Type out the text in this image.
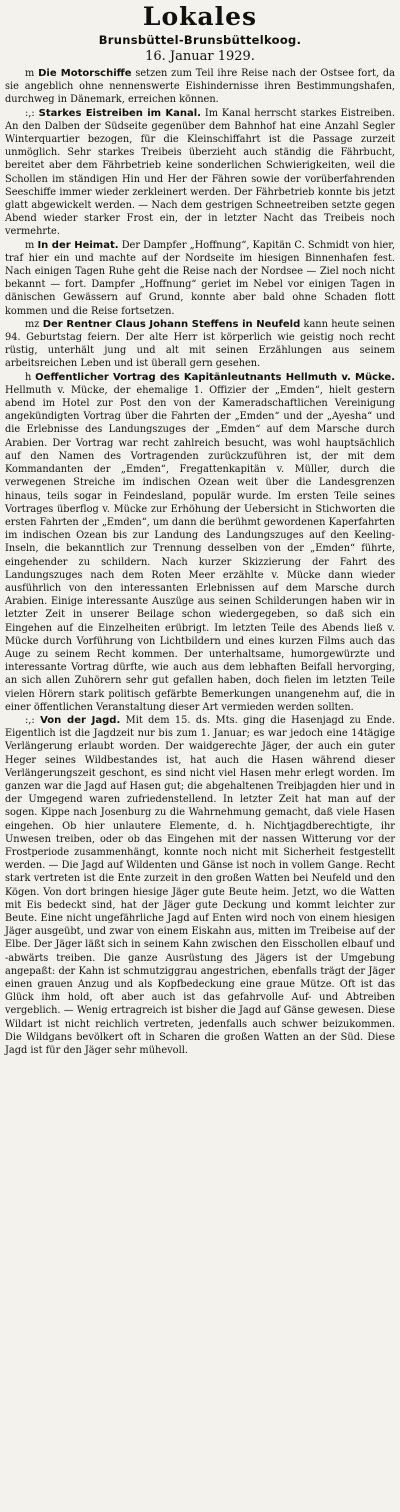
Lokales
Brunsbüttel-Brunsbüttelkoog.
16. Januar 1929.

m Die Motorschiffe setzen zum Teil ihre Reise nach der Ostsee fort, da sie angeblich ohne nennenswerte Eishindernisse ihren Bestimmungshafen, durchweg in Dänemark, erreichen können.

:,: Starkes Eistreiben im Kanal. Im Kanal herrscht starkes Eistreiben. An den Dalben der Südseite gegenüber dem Bahnhof hat eine Anzahl Segler Winterquartier bezogen, für die Kleinschiffahrt ist die Passage zurzeit unmöglich. Sehr starkes Treibeis überzieht auch ständig die Fährbucht, bereitet aber dem Fährbetrieb keine sonderlichen Schwierigkeiten, weil die Schollen im ständigen Hin und Her der Fähren sowie der vorüberfahrenden Seeschiffe immer wieder zerkleinert werden. Der Fährbetrieb konnte bis jetzt glatt abgewickelt werden. — Nach dem gestrigen Schneetreiben setzte gegen Abend wieder starker Frost ein, der in letzter Nacht das Treibeis noch vermehrte.

m In der Heimat. Der Dampfer „Hoffnung“, Kapitän C. Schmidt von hier, traf hier ein und machte auf der Nordseite im hiesigen Binnenhafen fest. Nach einigen Tagen Ruhe geht die Reise nach der Nordsee — Ziel noch nicht bekannt — fort. Dampfer „Hoffnung“ geriet im Nebel vor einigen Tagen in dänischen Gewässern auf Grund, konnte aber bald ohne Schaden flott kommen und die Reise fortsetzen.

mz Der Rentner Claus Johann Steffens in Neufeld kann heute seinen 94. Geburtstag feiern. Der alte Herr ist körperlich wie geistig noch recht rüstig, unterhält jung und alt mit seinen Erzählungen aus seinem arbeitsreichen Leben und ist überall gern gesehen.

h Oeffentlicher Vortrag des Kapitänleutnants Hellmuth v. Mücke. Hellmuth v. Mücke, der ehemalige 1. Offizier der „Emden“, hielt gestern abend im Hotel zur Post den von der Kameradschaftlichen Vereinigung angekündigten Vortrag über die Fahrten der „Emden“ und der „Ayesha“ und die Erlebnisse des Landungszuges der „Emden“ auf dem Marsche durch Arabien. Der Vortrag war recht zahlreich besucht, was wohl hauptsächlich auf den Namen des Vortragenden zurückzuführen ist, der mit dem Kommandanten der „Emden“, Fregattenkapitän v. Müller, durch die verwegenen Streiche im indischen Ozean weit über die Landesgrenzen hinaus, teils sogar in Feindesland, populär wurde. Im ersten Teile seines Vortrages überflog v. Mücke zur Erhöhung der Uebersicht in Stichworten die ersten Fahrten der „Emden“, um dann die berühmt gewordenen Kaperfahrten im indischen Ozean bis zur Landung des Landungszuges auf den Keeling-Inseln, die bekanntlich zur Trennung desselben von der „Emden“ führte, eingehender zu schildern. Nach kurzer Skizzierung der Fahrt des Landungszuges nach dem Roten Meer erzählte v. Mücke dann wieder ausführlich von den interessanten Erlebnissen auf dem Marsche durch Arabien. Einige interessante Auszüge aus seinen Schilderungen haben wir in letzter Zeit in unserer Beilage schon wiedergegeben, so daß sich ein Eingehen auf die Einzelheiten erübrigt. Im letzten Teile des Abends ließ v. Mücke durch Vorführung von Lichtbildern und eines kurzen Films auch das Auge zu seinem Recht kommen. Der unterhaltsame, humorgewürzte und interessante Vortrag dürfte, wie auch aus dem lebhaften Beifall hervorging, an sich allen Zuhörern sehr gut gefallen haben, doch fielen im letzten Teile vielen Hörern stark politisch gefärbte Bemerkungen unangenehm auf, die in einer öffentlichen Veranstaltung dieser Art vermieden werden sollten.

:,: Von der Jagd. Mit dem 15. ds. Mts. ging die Hasenjagd zu Ende. Eigentlich ist die Jagdzeit nur bis zum 1. Januar; es war jedoch eine 14tägige Verlängerung erlaubt worden. Der waidgerechte Jäger, der auch ein guter Heger seines Wildbestandes ist, hat auch die Hasen während dieser Verlängerungszeit geschont, es sind nicht viel Hasen mehr erlegt worden. Im ganzen war die Jagd auf Hasen gut; die abgehaltenen Treibjagden hier und in der Umgegend waren zufriedenstellend. In letzter Zeit hat man auf der sogen. Kippe nach Josenburg zu die Wahrnehmung gemacht, daß viele Hasen eingehen. Ob hier unlautere Elemente, d. h. Nichtjagdberechtigte, ihr Unwesen treiben, oder ob das Eingehen mit der nassen Witterung vor der Frostperiode zusammenhängt, konnte noch nicht mit Sicherheit festgestellt werden. — Die Jagd auf Wildenten und Gänse ist noch in vollem Gange. Recht stark vertreten ist die Ente zurzeit in den großen Watten bei Neufeld und den Kögen. Von dort bringen hiesige Jäger gute Beute heim. Jetzt, wo die Watten mit Eis bedeckt sind, hat der Jäger gute Deckung und kommt leichter zur Beute. Eine nicht ungefährliche Jagd auf Enten wird noch von einem hiesigen Jäger ausgeübt, und zwar von einem Eiskahn aus, mitten im Treibeise auf der Elbe. Der Jäger läßt sich in seinem Kahn zwischen den Eisschollen elbauf und -abwärts treiben. Die ganze Ausrüstung des Jägers ist der Umgebung angepaßt: der Kahn ist schmutziggrau angestrichen, ebenfalls trägt der Jäger einen grauen Anzug und als Kopfbedeckung eine graue Mütze. Oft ist das Glück ihm hold, oft aber auch ist das gefahrvolle Auf- und Abtreiben vergeblich. — Wenig ertragreich ist bisher die Jagd auf Gänse gewesen. Diese Wildart ist nicht reichlich vertreten, jedenfalls auch schwer beizukommen. Die Wildgans bevölkert oft in Scharen die großen Watten an der Süd. Diese Jagd ist für den Jäger sehr mühevoll.
